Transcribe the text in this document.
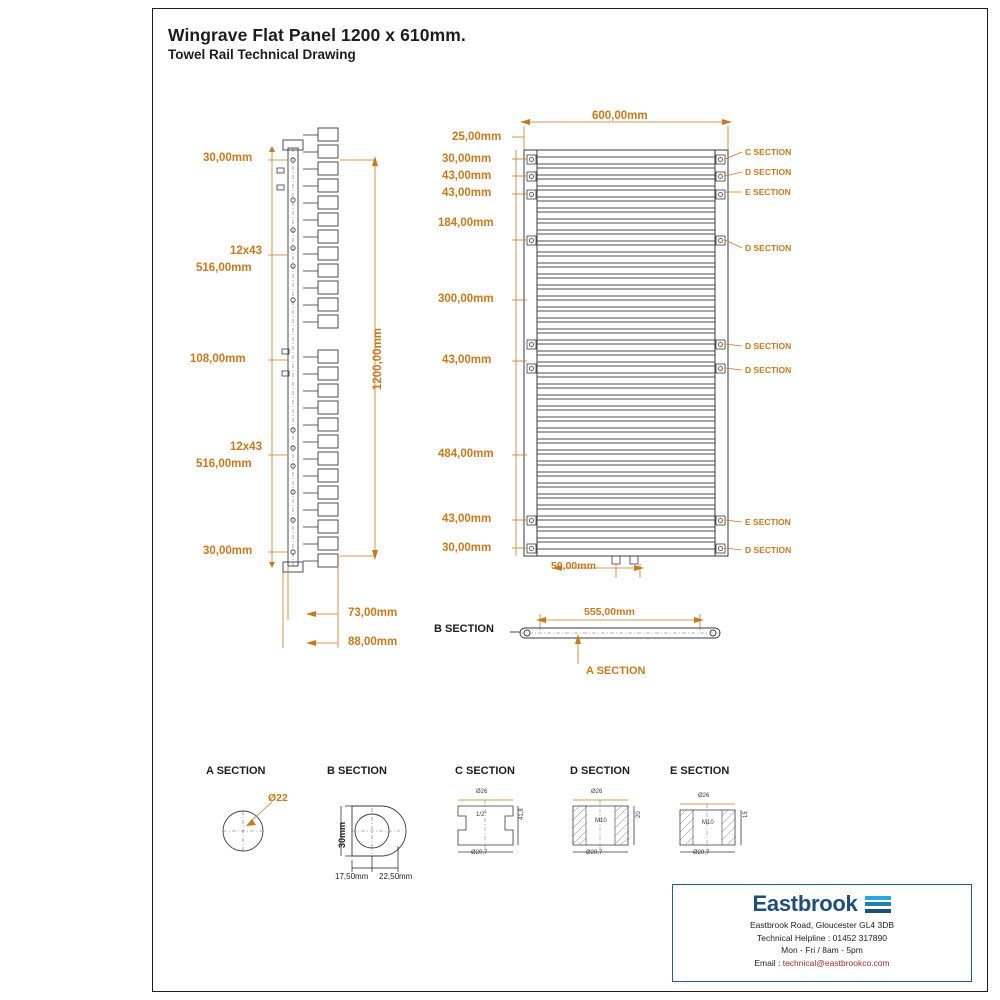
Wingrave Flat Panel 1200 x 610mm.
Towel Rail Technical Drawing
30,00mm
12x43
516,00mm
108,00mm
12x43
516,00mm
30,00mm
73,00mm
88,00mm
1200,00mm
600,00mm
25,00mm
30,00mm
43,00mm
43,00mm
184,00mm
300,00mm
43,00mm
484,00mm
43,00mm
30,00mm
50,00mm
C SECTION
D SECTION
E SECTION
D SECTION
D SECTION
D SECTION
E SECTION
D SECTION
555,00mm
B SECTION
A SECTION
A SECTION	B SECTION	C SECTION	D SECTION	E SECTION
Ø22
30mm
17,50mm 22,50mm
Ø26
1/2"
Ø20,7
41,8
Ø26
M10
Ø20,7
20
Ø26
M10
Ø20,7
15
Eastbrook
Eastbrook Road, Gloucester GL4 3DB
Technical Helpline : 01452 317890
Mon - Fri / 8am - 5pm
Email : technical@eastbrookco.com
